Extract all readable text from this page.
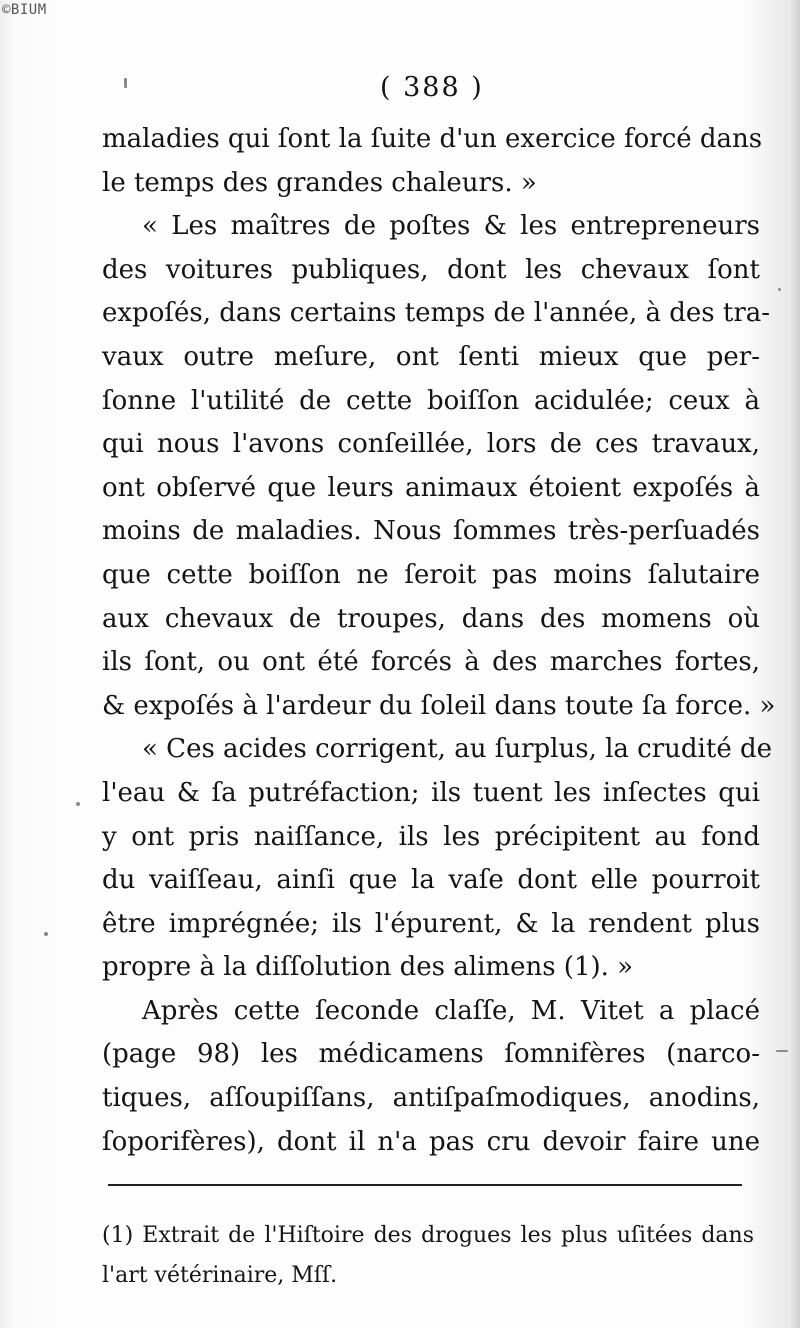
©BIUM
( 388 )
maladies qui ſont la ſuite d'un exercice forcé dans
le temps des grandes chaleurs. »
« Les maîtres de poſtes & les entrepreneurs
des voitures publiques, dont les chevaux ſont
expoſés, dans certains temps de l'année, à des tra-
vaux outre meſure, ont ſenti mieux que per-
ſonne l'utilité de cette boiſſon acidulée; ceux à
qui nous l'avons conſeillée, lors de ces travaux,
ont obſervé que leurs animaux étoient expoſés à
moins de maladies. Nous ſommes très-perſuadés
que cette boiſſon ne ſeroit pas moins ſalutaire
aux chevaux de troupes, dans des momens où
ils ſont, ou ont été forcés à des marches fortes,
& expoſés à l'ardeur du ſoleil dans toute ſa force. »
« Ces acides corrigent, au ſurplus, la crudité de
l'eau & ſa putréfaction; ils tuent les inſectes qui
y ont pris naiſſance, ils les précipitent au fond
du vaiſſeau, ainſi que la vaſe dont elle pourroit
être imprégnée; ils l'épurent, & la rendent plus
propre à la diſſolution des alimens (1). »
Après cette ſeconde claſſe, M. Vitet a placé
(page 98) les médicamens ſomnifères (narco-
tiques, aſſoupiſſans, antiſpaſmodiques, anodins,
ſoporifères), dont il n'a pas cru devoir faire une
(1) Extrait de l'Hiſtoire des drogues les plus uſitées dans
l'art vétérinaire, Mſſ.
